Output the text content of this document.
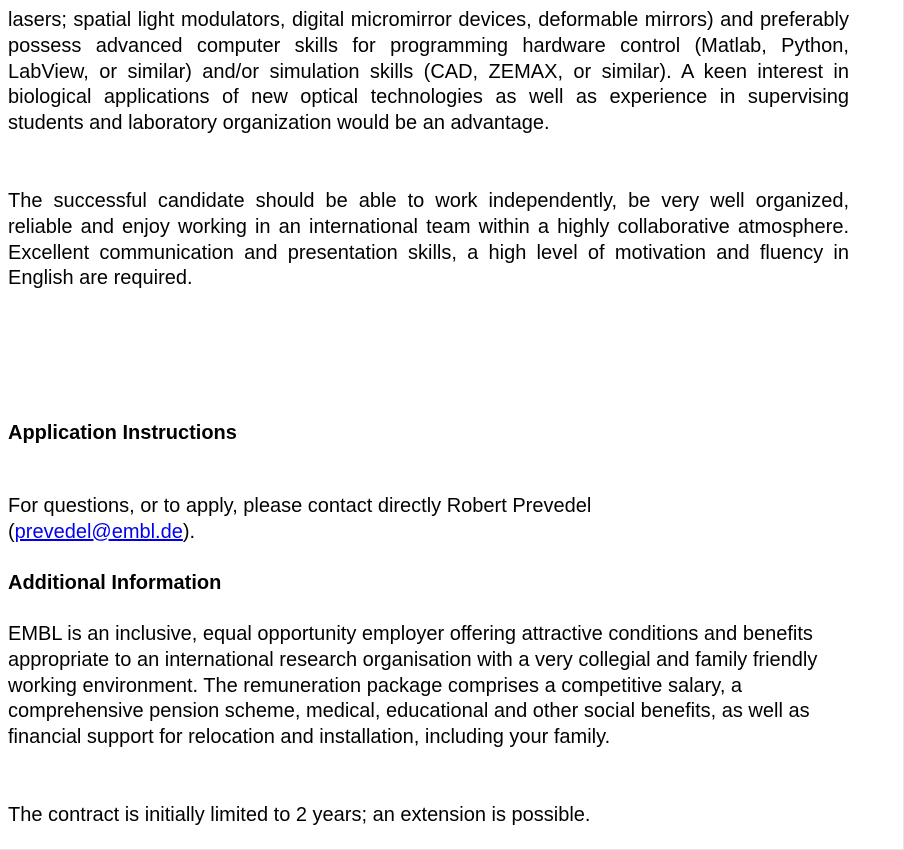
lasers; spatial light modulators, digital micromirror devices, deformable mirrors) and preferably possess advanced computer skills for programming hardware control (Matlab, Python, LabView, or similar) and/or simulation skills (CAD, ZEMAX, or similar). A keen interest in biological applications of new optical technologies as well as experience in supervising students and laboratory organization would be an advantage.

The successful candidate should be able to work independently, be very well organized, reliable and enjoy working in an international team within a highly collaborative atmosphere. Excellent communication and presentation skills, a high level of motivation and fluency in English are required.

Application Instructions

For questions, or to apply, please contact directly Robert Prevedel (prevedel@embl.de).

Additional Information

EMBL is an inclusive, equal opportunity employer offering attractive conditions and benefits appropriate to an international research organisation with a very collegial and family friendly working environment. The remuneration package comprises a competitive salary, a comprehensive pension scheme, medical, educational and other social benefits, as well as financial support for relocation and installation, including your family.

The contract is initially limited to 2 years; an extension is possible.
